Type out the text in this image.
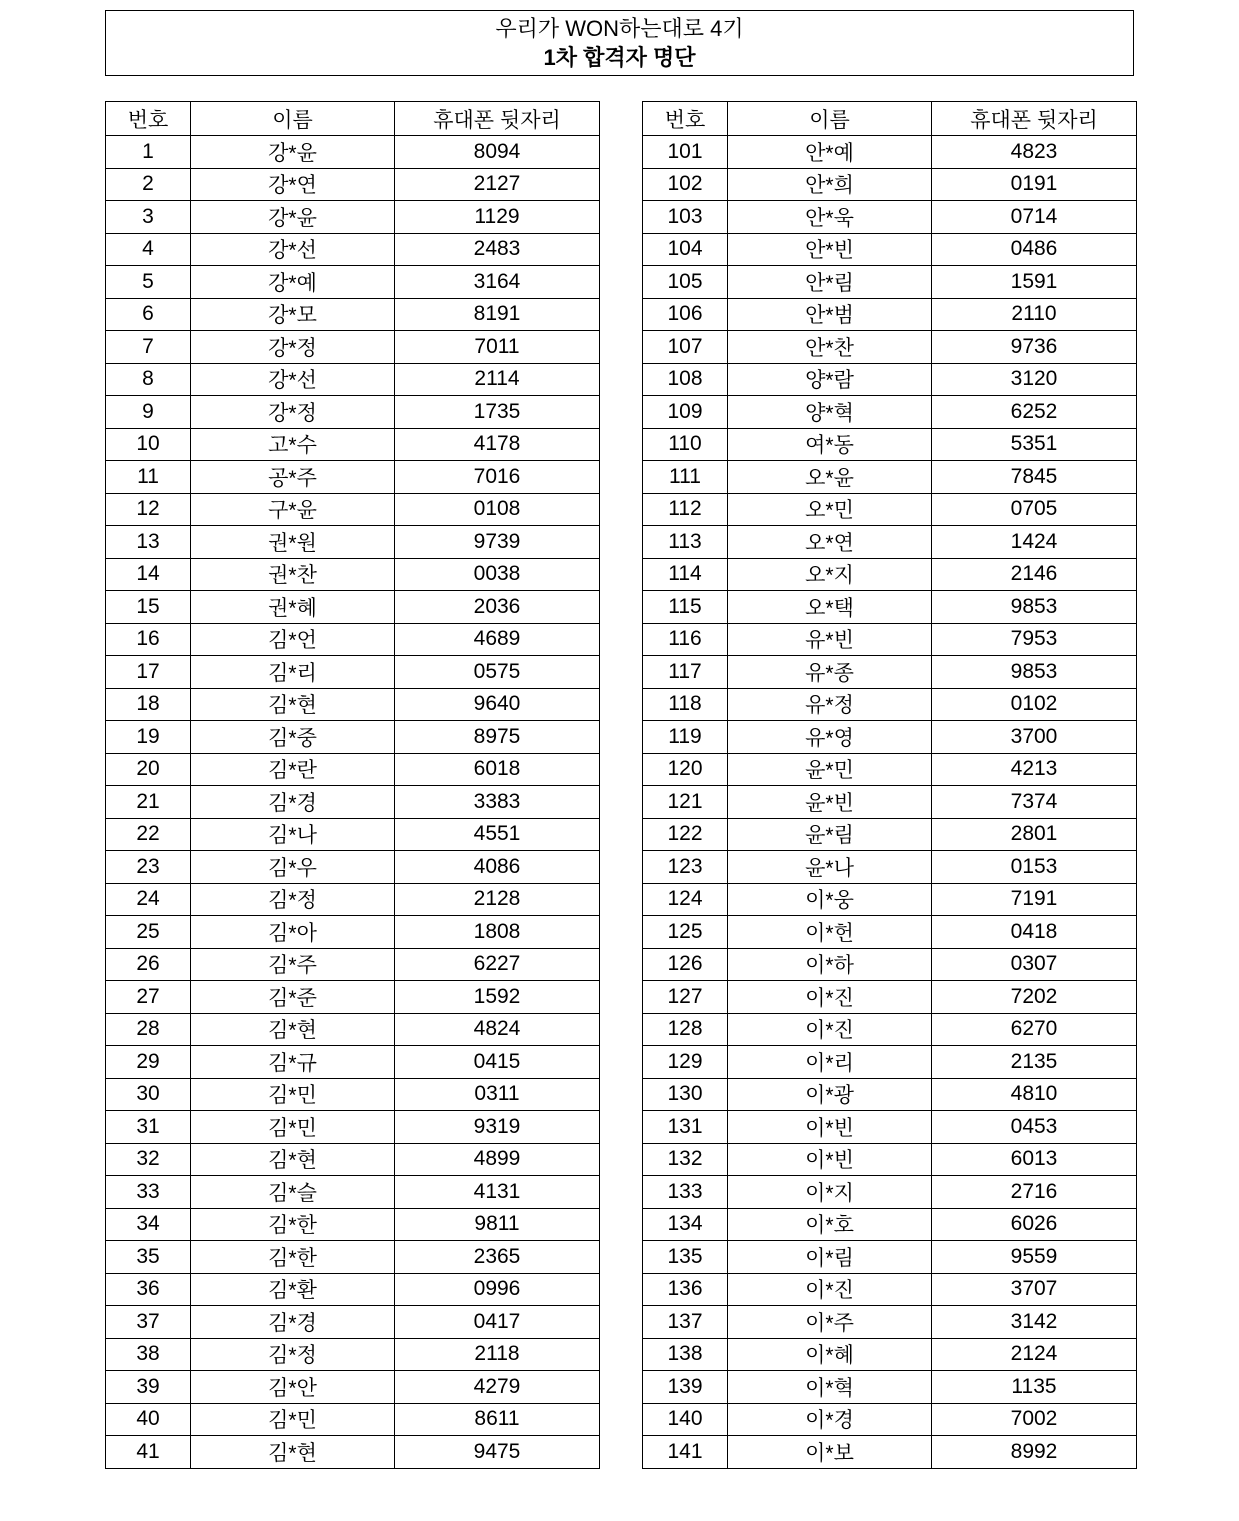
우리가 WON하는대로 4기
1차 합격자 명단
번호	이름	휴대폰 뒷자리
1	강*윤	8094
2	강*연	2127
3	강*윤	1129
4	강*선	2483
5	강*예	3164
6	강*모	8191
7	강*정	7011
8	강*선	2114
9	강*정	1735
10	고*수	4178
11	공*주	7016
12	구*윤	0108
13	권*원	9739
14	권*찬	0038
15	권*혜	2036
16	김*언	4689
17	김*리	0575
18	김*현	9640
19	김*중	8975
20	김*란	6018
21	김*경	3383
22	김*나	4551
23	김*우	4086
24	김*정	2128
25	김*아	1808
26	김*주	6227
27	김*준	1592
28	김*현	4824
29	김*규	0415
30	김*민	0311
31	김*민	9319
32	김*현	4899
33	김*슬	4131
34	김*한	9811
35	김*한	2365
36	김*환	0996
37	김*경	0417
38	김*정	2118
39	김*안	4279
40	김*민	8611
41	김*현	9475
번호	이름	휴대폰 뒷자리
101	안*예	4823
102	안*희	0191
103	안*욱	0714
104	안*빈	0486
105	안*림	1591
106	안*범	2110
107	안*찬	9736
108	양*람	3120
109	양*혁	6252
110	여*동	5351
111	오*윤	7845
112	오*민	0705
113	오*연	1424
114	오*지	2146
115	오*택	9853
116	유*빈	7953
117	유*종	9853
118	유*정	0102
119	유*영	3700
120	윤*민	4213
121	윤*빈	7374
122	윤*림	2801
123	윤*나	0153
124	이*웅	7191
125	이*헌	0418
126	이*하	0307
127	이*진	7202
128	이*진	6270
129	이*리	2135
130	이*광	4810
131	이*빈	0453
132	이*빈	6013
133	이*지	2716
134	이*호	6026
135	이*림	9559
136	이*진	3707
137	이*주	3142
138	이*혜	2124
139	이*혁	1135
140	이*경	7002
141	이*보	8992
